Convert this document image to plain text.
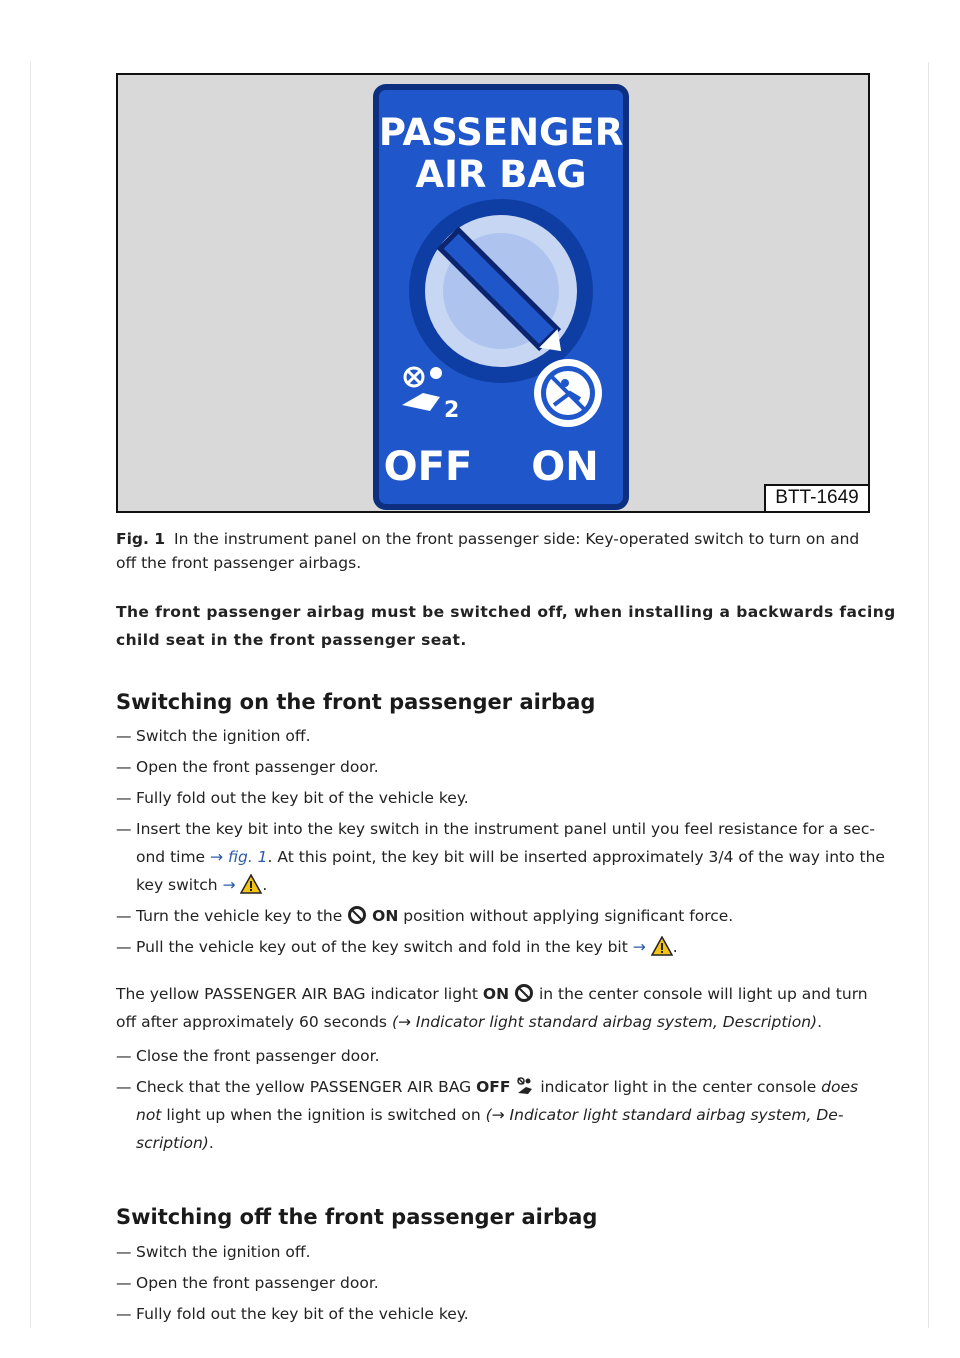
PASSENGER
AIR BAG
2
OFF ON
BTT-1649
Fig. 1 In the instrument panel on the front passenger side: Key-operated switch to turn on and off the front passenger airbags.
The front passenger airbag must be switched off, when installing a backwards facing child seat in the front passenger seat.
Switching on the front passenger airbag
— Switch the ignition off.
— Open the front passenger door.
— Fully fold out the key bit of the vehicle key.
— Insert the key bit into the key switch in the instrument panel until you feel resistance for a sec-ond time → fig. 1. At this point, the key bit will be inserted approximately 3/4 of the way into the key switch → .
— Turn the vehicle key to the ON position without applying significant force.
— Pull the vehicle key out of the key switch and fold in the key bit → .
The yellow PASSENGER AIR BAG indicator light ON in the center console will light up and turn off after approximately 60 seconds (→ Indicator light standard airbag system, Description).
— Close the front passenger door.
— Check that the yellow PASSENGER AIR BAG OFF indicator light in the center console does not light up when the ignition is switched on (→ Indicator light standard airbag system, De-scription).
Switching off the front passenger airbag
— Switch the ignition off.
— Open the front passenger door.
— Fully fold out the key bit of the vehicle key.
